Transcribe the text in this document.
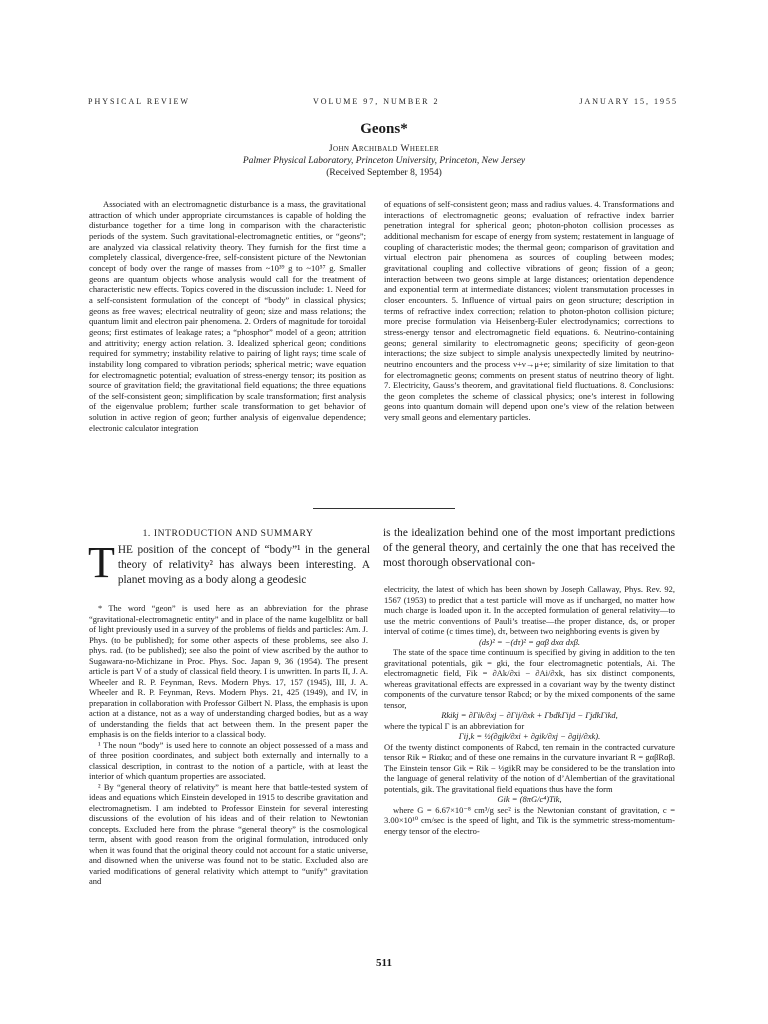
PHYSICAL REVIEW	VOLUME 97, NUMBER 2	JANUARY 15, 1955
Geons*
John Archibald Wheeler
Palmer Physical Laboratory, Princeton University, Princeton, New Jersey
(Received September 8, 1954)
Associated with an electromagnetic disturbance is a mass, the gravitational attraction of which under appropriate circumstances is capable of holding the disturbance together for a time long in comparison with the characteristic periods of the system. Such gravitational-electromagnetic entities, or “geons”; are analyzed via classical relativity theory. They furnish for the first time a completely classical, divergence-free, self-consistent picture of the Newtonian concept of body over the range of masses from ~10³⁹ g to ~10⁵⁷ g. Smaller geons are quantum objects whose analysis would call for the treatment of characteristic new effects. Topics covered in the discussion include: 1. Need for a self-consistent formulation of the concept of “body” in classical physics; geons as free waves; electrical neutrality of geon; size and mass relations; the quantum limit and electron pair phenomena. 2. Orders of magnitude for toroidal geons; first estimates of leakage rates; a “phosphor” model of a geon; attrition and attritivity; energy action relation. 3. Idealized spherical geon; conditions required for symmetry; instability relative to pairing of light rays; time scale of instability long compared to vibration periods; spherical metric; wave equation for electromagnetic potential; evaluation of stress-energy tensor; its position as source of gravitation field; the gravitational field equations; the three equations of the self-consistent geon; simplification by scale transformation; first analysis of the eigenvalue problem; further scale transformation to get behavior of solution in active region of geon; further analysis of eigenvalue dependence; electronic calculator integration
of equations of self-consistent geon; mass and radius values. 4. Transformations and interactions of electromagnetic geons; evaluation of refractive index barrier penetration integral for spherical geon; photon-photon collision processes as additional mechanism for escape of energy from system; restatement in language of coupling of characteristic modes; the thermal geon; comparison of gravitation and virtual electron pair phenomena as sources of coupling between modes; gravitational coupling and collective vibrations of geon; fission of a geon; interaction between two geons simple at large distances; orientation dependence and exponential term at intermediate distances; violent transmutation processes in closer encounters. 5. Influence of virtual pairs on geon structure; description in terms of refractive index correction; relation to photon-photon collision picture; more precise formulation via Heisenberg-Euler electrodynamics; corrections to stress-energy tensor and electromagnetic field equations. 6. Neutrino-containing geons; general similarity to electromagnetic geons; specificity of geon-geon interactions; the size subject to simple analysis unexpectedly limited by neutrino-neutrino encounters and the process ν+ν→μ+e; similarity of size limitation to that for electromagnetic geons; comments on present status of neutrino theory of light. 7. Electricity, Gauss’s theorem, and gravitational field fluctuations. 8. Conclusions: the geon completes the scheme of classical physics; one’s interest in following geons into quantum domain will depend upon one’s view of the relation between very small geons and elementary particles.
1. INTRODUCTION AND SUMMARY
T HE position of the concept of “body”¹ in the general theory of relativity² has always been interesting. A planet moving as a body along a geodesic
is the idealization behind one of the most important predictions of the general theory, and certainly the one that has received the most thorough observational con-

* The word “geon” is used here as an abbreviation for the phrase “gravitational-electromagnetic entity” and in place of the name kugelblitz or ball of light previously used in a survey of the problems of fields and particles: Am. J. Phys. (to be published); for some other aspects of these problems, see also J. phys. rad. (to be published); see also the point of view ascribed by the author to Sugawara-no-Michizane in Proc. Phys. Soc. Japan 9, 36 (1954). The present article is part V of a study of classical field theory. I is unwritten. In parts II, J. A. Wheeler and R. P. Feynman, Revs. Modern Phys. 17, 157 (1945), III, J. A. Wheeler and R. P. Feynman, Revs. Modern Phys. 21, 425 (1949), and IV, in preparation in collaboration with Professor Gilbert N. Plass, the emphasis is upon action at a distance, not as a way of understanding charged bodies, but as a way of understanding the fields that act between them. In the present paper the emphasis is on the fields interior to a classical body.

¹ The noun “body” is used here to connote an object possessed of a mass and of three position coordinates, and subject both externally and internally to a classical description, in contrast to the notion of a particle, with at least the interior of which quantum properties are associated.

² By “general theory of relativity” is meant here that battle-tested system of ideas and equations which Einstein developed in 1915 to describe gravitation and electromagnetism. I am indebted to Professor Einstein for several interesting discussions of the evolution of his ideas and of their relation to Newtonian concepts. Excluded here from the phrase “general theory” is the cosmological term, absent with good reason from the original formulation, introduced only when it was found that the original theory could not account for a static universe, and disowned when the universe was found not to be static. Excluded also are varied modifications of general relativity which attempt to “unify” gravitation and

electricity, the latest of which has been shown by Joseph Callaway, Phys. Rev. 92, 1567 (1953) to predict that a test particle will move as if uncharged, no matter how much charge is loaded upon it. In the accepted formulation of general relativity—to use the metric conventions of Pauli’s treatise—the proper distance, ds, or proper interval of cotime (c times time), dτ, between two neighboring events is given by

(ds)² = −(dτ)² = gαβ dxα dxβ.

The state of the space time continuum is specified by giving in addition to the ten gravitational potentials, gik = gki, the four electromagnetic potentials, Ai. The electromagnetic field, Fik = ∂Ak/∂xi − ∂Ai/∂xk, has six distinct components, whereas gravitational effects are expressed in a covariant way by the twenty distinct components of the curvature tensor Rabcd; or by the mixed components of the same tensor,

Rkikj = ∂Γik/∂xj − ∂Γij/∂xk + ΓbdkΓijd − ΓjdkΓikd,

where the typical Γ is an abbreviation for

Γij,k = ½(∂gjk/∂xi + ∂gik/∂xj − ∂gij/∂xk).

Of the twenty distinct components of Rabcd, ten remain in the contracted curvature tensor Rik = Riαkα; and of these one remains in the curvature invariant R = gαβRαβ. The Einstein tensor Gik = Rik − ½gikR may be considered to be the translation into the language of general relativity of the notion of d’Alembertian of the gravitational potentials, gik. The gravitational field equations thus have the form

Gik = (8πG/c⁴)Tik,

where G = 6.67×10⁻⁸ cm³/g sec² is the Newtonian constant of gravitation, c = 3.00×10¹⁰ cm/sec is the speed of light, and Tik is the symmetric stress-momentum-energy tensor of the electro-

511
